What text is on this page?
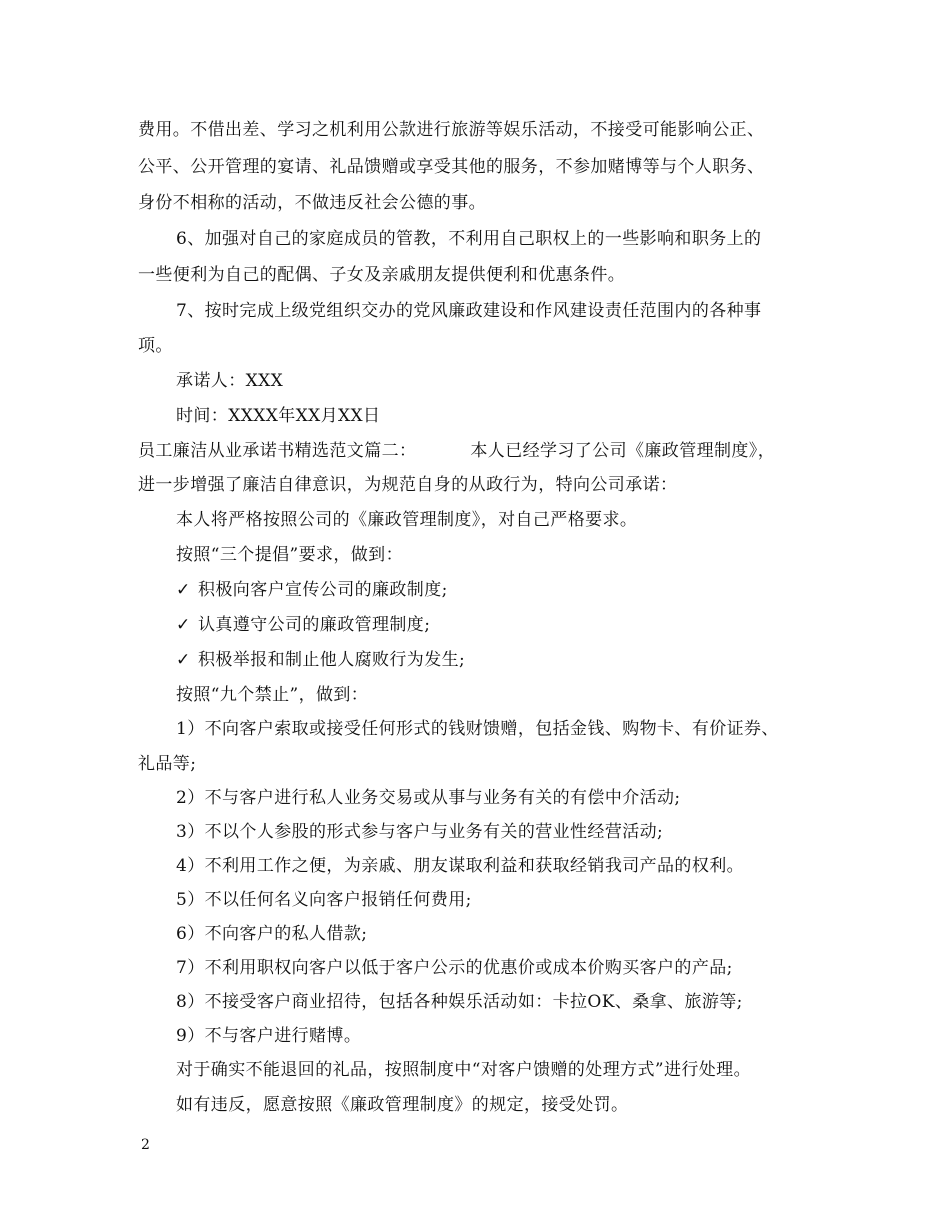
费用。不借出差、学习之机利用公款进行旅游等娱乐活动，不接受可能影响公正、
公平、公开管理的宴请、礼品馈赠或享受其他的服务，不参加赌博等与个人职务、
身份不相称的活动，不做违反社会公德的事。
6、加强对自己的家庭成员的管教，不利用自己职权上的一些影响和职务上的
一些便利为自己的配偶、子女及亲戚朋友提供便利和优惠条件。
7、按时完成上级党组织交办的党风廉政建设和作风建设责任范围内的各种事
项。
承诺人：XXX
时间：XXXX年XX月XX日
员工廉洁从业承诺书精选范文篇二：	本人已经学习了公司《廉政管理制度》，
进一步增强了廉洁自律意识，为规范自身的从政行为，特向公司承诺：
本人将严格按照公司的《廉政管理制度》，对自己严格要求。
按照“三个提倡”要求，做到：
✓ 积极向客户宣传公司的廉政制度;
✓ 认真遵守公司的廉政管理制度;
✓ 积极举报和制止他人腐败行为发生;
按照“九个禁止”，做到：
1）不向客户索取或接受任何形式的钱财馈赠，包括金钱、购物卡、有价证券、
礼品等;
2）不与客户进行私人业务交易或从事与业务有关的有偿中介活动;
3）不以个人参股的形式参与客户与业务有关的营业性经营活动;
4）不利用工作之便，为亲戚、朋友谋取利益和获取经销我司产品的权利。
5）不以任何名义向客户报销任何费用;
6）不向客户的私人借款;
7）不利用职权向客户以低于客户公示的优惠价或成本价购买客户的产品;
8）不接受客户商业招待，包括各种娱乐活动如：卡拉OK、桑拿、旅游等;
9）不与客户进行赌博。
对于确实不能退回的礼品，按照制度中“对客户馈赠的处理方式”进行处理。
如有违反，愿意按照《廉政管理制度》的规定，接受处罚。
2
